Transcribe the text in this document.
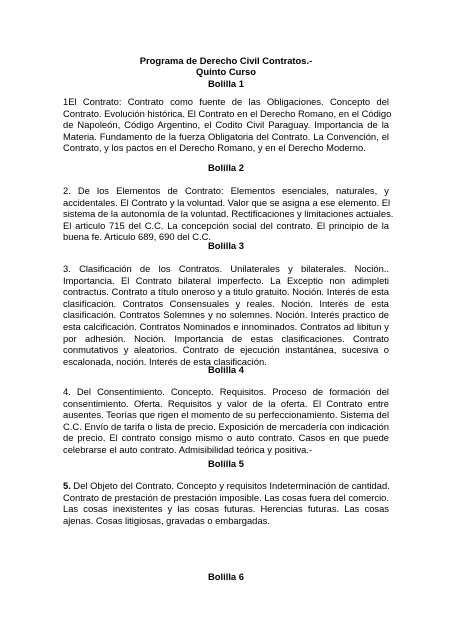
Programa de Derecho Civil Contratos.-
Quinto Curso
Bolilla 1
1El Contrato: Contrato como fuente de las Obligaciones. Concepto del
Contrato. Evolución histórica. El Contrato en el Derecho Romano, en el Código
de Napoleón, Código Argentino, el Codito Civil Paraguay. Importancia de la
Materia. Fundamento de la fuerza Obligatoria del Contrato. La Convención, el
Contrato, y los pactos en el Derecho Romano, y en el Derecho Moderno.
Bolilla 2
2. De los Elementos de Contrato: Elementos esenciales, naturales, y
accidentales. El Contrato y la voluntad. Valor que se asigna a ese elemento. El
sistema de la autonomía de la voluntad. Rectificaciones y limitaciones actuales.
El articulo 715 del C.C. La concepción social del contrato. El principio de la
buena fe. Articulo 689, 690 del C.C.
Bolilla 3
3. Clasificación de los Contratos. Unilaterales y bilaterales. Noción..
Importancia. El Contrato bilateral imperfecto. La Exceptio non adimpleti
contractus. Contrato a título oneroso y a titulo gratuito. Noción. Interés de esta
clasificación. Contratos Consensuales y reales. Noción. Interés de esta
clasificación. Contratos Solemnes y no solemnes. Noción. Interés practico de
esta calcificación. Contratos Nominados e innominados. Contratos ad libitun y
por adhesión. Noción. Importancia de estas clasificaciones. Contrato
conmutativos y aleatorios. Contrato de ejecución instantánea, sucesiva o
escalonada, noción. Interés de esta clasificación.
Bolilla 4
4. Del Consentimiento. Concepto. Requisitos. Proceso de formación del
consentimiento. Oferta. Requisitos y valor de la oferta. El Contrato entre
ausentes. Teorías que rigen el momento de su perfeccionamiento. Sistema del
C.C. Envío de tarifa o lista de precio. Exposición de mercadería con indicación
de precio. El contrato consigo mismo o auto contrato. Casos en que puede
celebrarse el auto contrato. Admisibilidad teórica y positiva.-
Bolilla 5
5. Del Objeto del Contrato. Concepto y requisitos Indeterminación de cantidad.
Contrato de prestación de prestación imposible. Las cosas fuera del comercio.
Las cosas inexistentes y las cosas futuras. Herencias futuras. Las cosas
ajenas. Cosas litigiosas, gravadas o embargadas.
Bolilla 6
